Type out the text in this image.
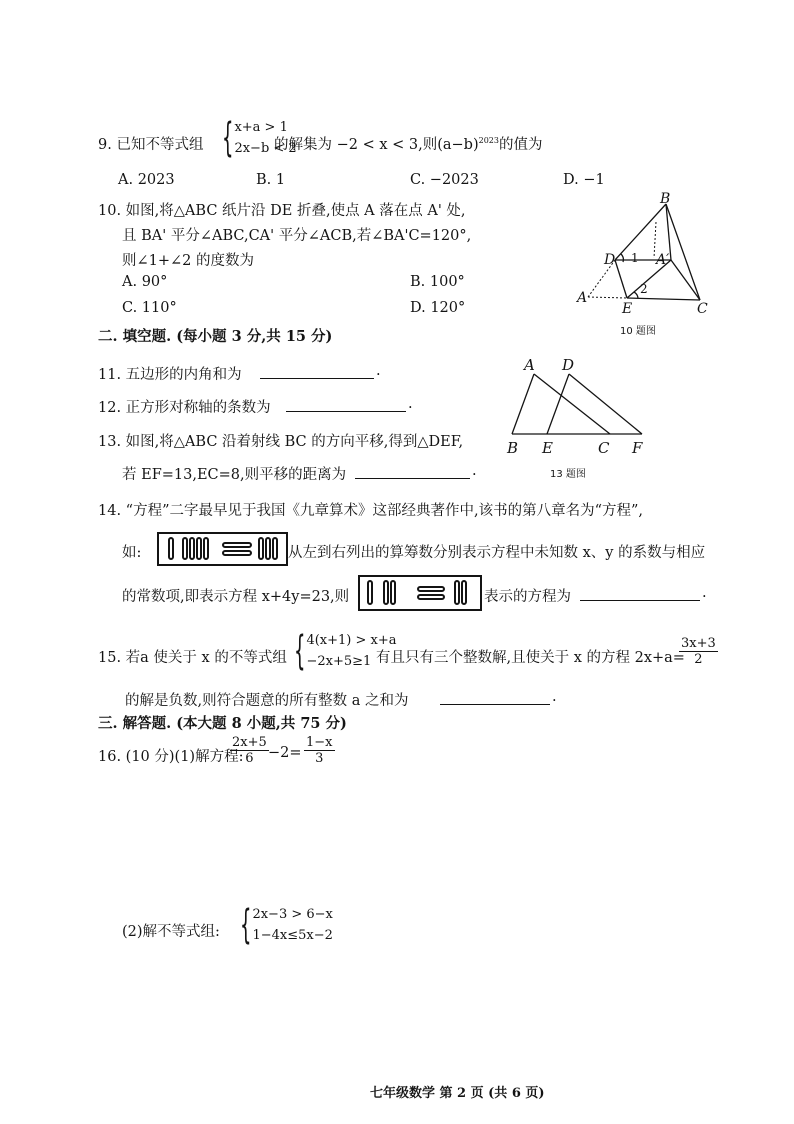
9. 已知不等式组 { x+a > 1
2x−b < 2
的解集为 −2 < x < 3,则$(a-b)^{2023}$的值为
A. 2023	B. 1	C. −2023	D. −1
10. 如图,将△ABC 纸片沿 DE 折叠,使点 A 落在点 A' 处,
且 BA' 平分∠ABC,CA' 平分∠ACB,若∠BA'C=120°,
则∠1+∠2 的度数为
A. 90°	B. 100°
C. 110°	D. 120°
B
D 1 A′
A
2
E	C
10 题图
二. 填空题. (每小题 3 分,共 15 分)
11. 五边形的内角和为	.
12. 正方形对称轴的条数为	.
13. 如图,将△ABC 沿着射线 BC 的方向平移,得到△DEF,
若 EF=13,EC=8,则平移的距离为	.
A D
B E	C F
13 题图
14. “方程”二字最早见于我国《九章算术》这部经典著作中,该书的第八章名为“方程”,
如:	从左到右列出的算筹数分别表示方程中未知数 x、y 的系数与相应
的常数项,即表示方程 x+4y=23,则	表示的方程为	.
15. 若a 使关于 x 的不等式组 { 4(x+1) > x+a
−2x+5≥1 有且只有三个整数解,且使关于 x 的方程 2x+a=
$\frac{3x+3}{2}$
的解是负数,则符合题意的所有整数 a 之和为	.
三. 解答题. (本大题 8 小题,共 75 分)
16. (10 分)(1)解方程:
$\frac{2x+5}{6} -2= \frac{1-x}{3}$
(2)解不等式组: { 2x−3 > 6−x
1−4x≤5x−2
七年级数学 第 2 页 (共 6 页)
